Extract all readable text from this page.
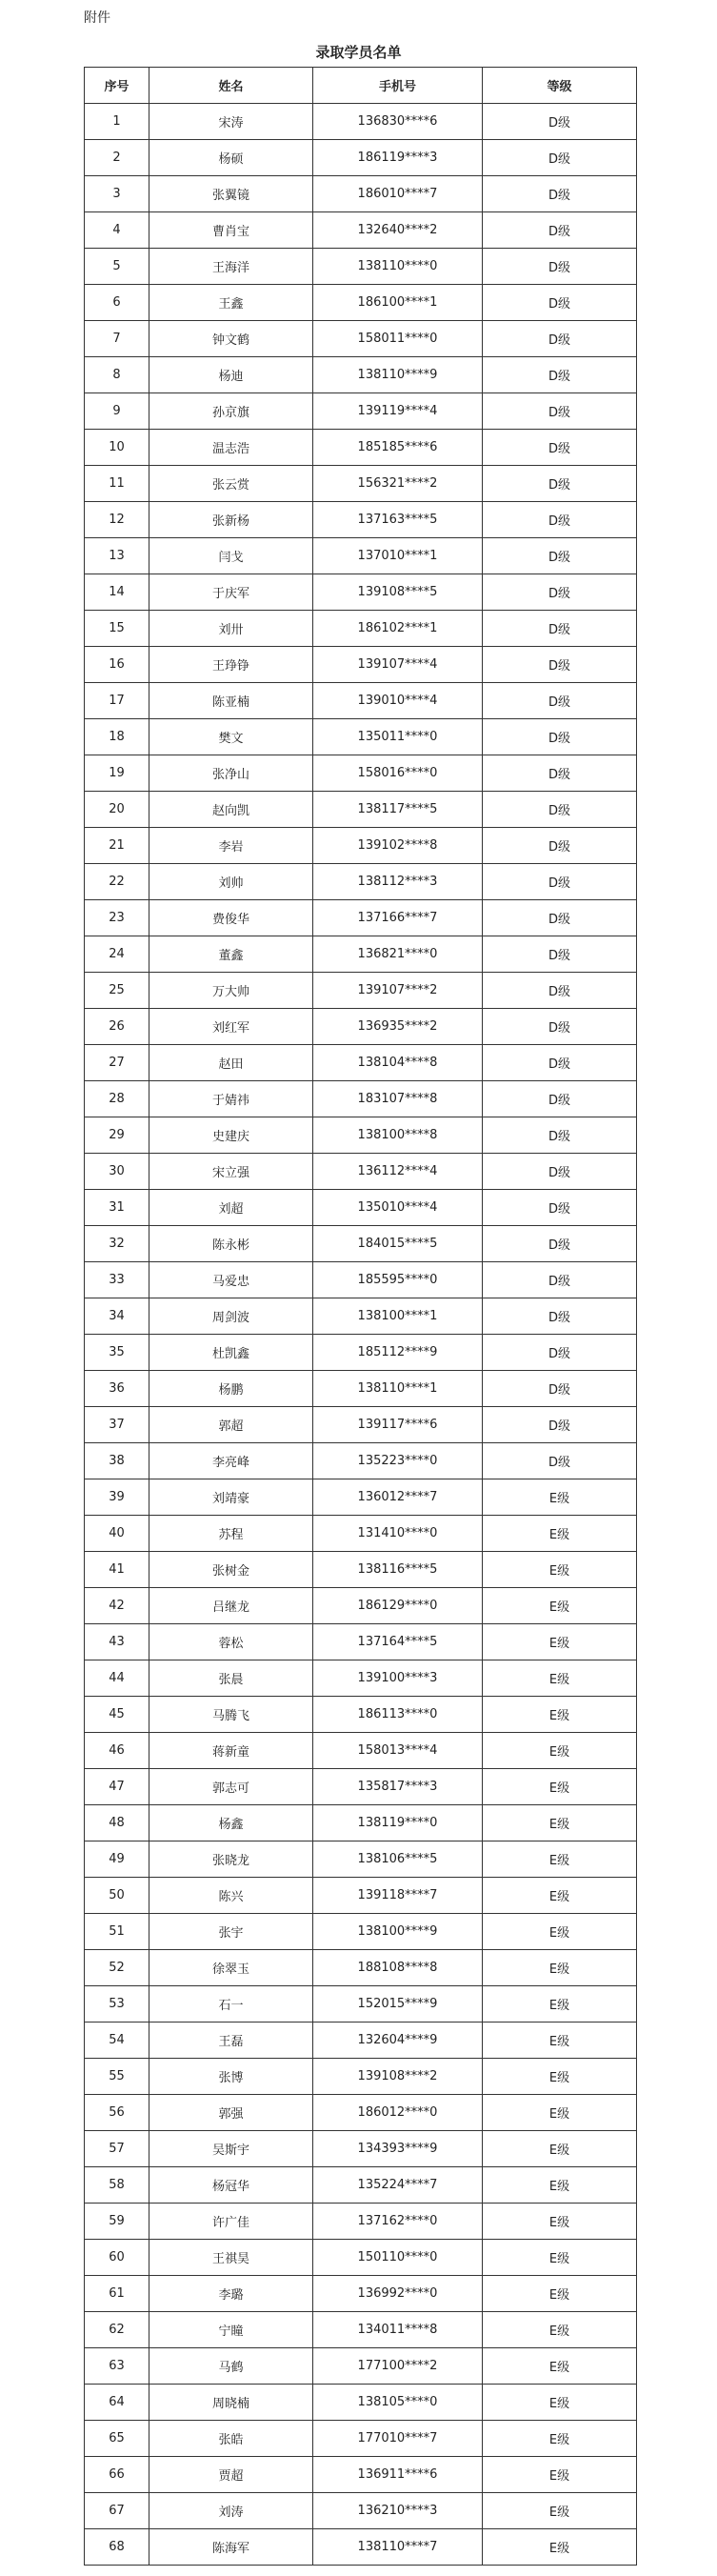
附件
录取学员名单
序号	姓名	手机号	等级
1	宋涛	136830****6	D级
2	杨硕	186119****3	D级
3	张翼镜	186010****7	D级
4	曹肖宝	132640****2	D级
5	王海洋	138110****0	D级
6	王鑫	186100****1	D级
7	钟文鹤	158011****0	D级
8	杨迪	138110****9	D级
9	孙京旗	139119****4	D级
10	温志浩	185185****6	D级
11	张云赏	156321****2	D级
12	张新杨	137163****5	D级
13	闫戈	137010****1	D级
14	于庆军	139108****5	D级
15	刘卅	186102****1	D级
16	王琤铮	139107****4	D级
17	陈亚楠	139010****4	D级
18	樊文	135011****0	D级
19	张净山	158016****0	D级
20	赵向凯	138117****5	D级
21	李岩	139102****8	D级
22	刘帅	138112****3	D级
23	费俊华	137166****7	D级
24	董鑫	136821****0	D级
25	万大帅	139107****2	D级
26	刘红军	136935****2	D级
27	赵田	138104****8	D级
28	于婧祎	183107****8	D级
29	史建庆	138100****8	D级
30	宋立强	136112****4	D级
31	刘超	135010****4	D级
32	陈永彬	184015****5	D级
33	马爱忠	185595****0	D级
34	周剑波	138100****1	D级
35	杜凯鑫	185112****9	D级
36	杨鹏	138110****1	D级
37	郭超	139117****6	D级
38	李亮峰	135223****0	D级
39	刘靖豪	136012****7	E级
40	苏程	131410****0	E级
41	张树金	138116****5	E级
42	吕继龙	186129****0	E级
43	蓉松	137164****5	E级
44	张晨	139100****3	E级
45	马腾飞	186113****0	E级
46	蒋新童	158013****4	E级
47	郭志可	135817****3	E级
48	杨鑫	138119****0	E级
49	张晓龙	138106****5	E级
50	陈兴	139118****7	E级
51	张宇	138100****9	E级
52	徐翠玉	188108****8	E级
53	石一	152015****9	E级
54	王磊	132604****9	E级
55	张博	139108****2	E级
56	郭强	186012****0	E级
57	吴斯宇	134393****9	E级
58	杨冠华	135224****7	E级
59	许广佳	137162****0	E级
60	王祺昊	150110****0	E级
61	李璐	136992****0	E级
62	宁瞳	134011****8	E级
63	马鹤	177100****2	E级
64	周晓楠	138105****0	E级
65	张皓	177010****7	E级
66	贾超	136911****6	E级
67	刘涛	136210****3	E级
68	陈海军	138110****7	E级
